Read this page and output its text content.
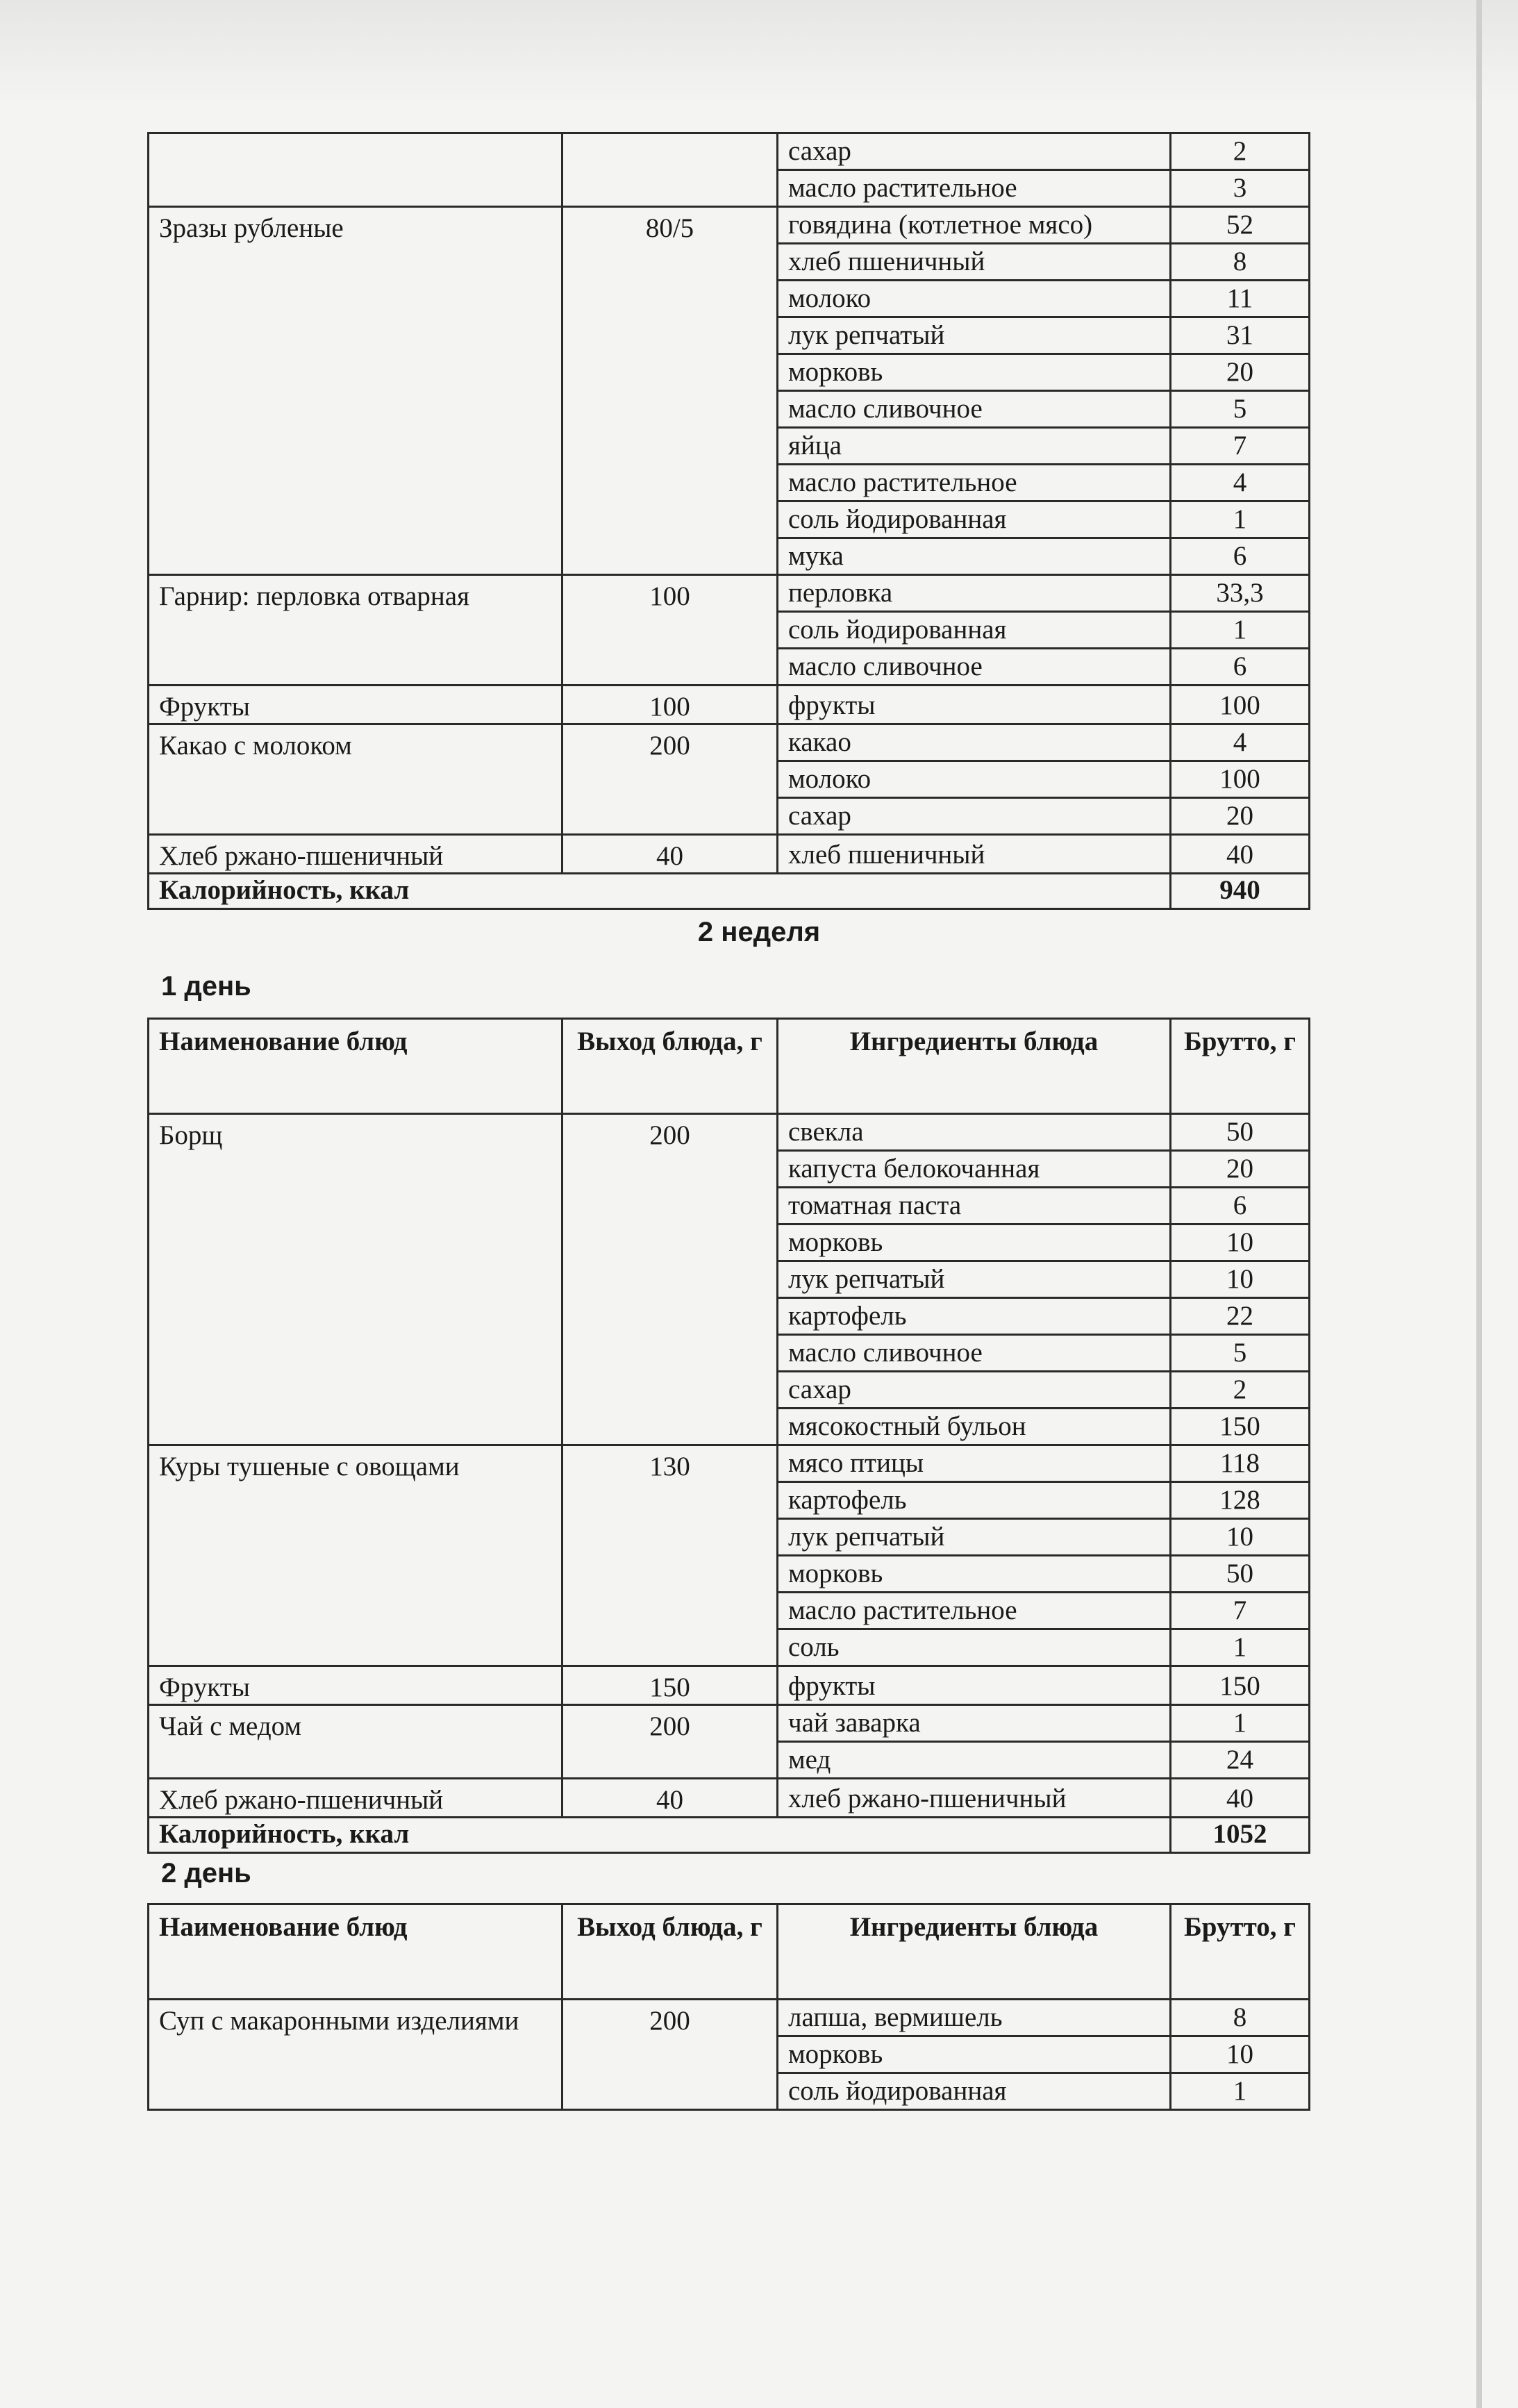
		сахар	2
		масло растительное	3
Зразы рубленые	80/5	говядина (котлетное мясо)	52
		хлеб пшеничный	8
		молоко	11
		лук репчатый	31
		морковь	20
		масло сливочное	5
		яйца	7
		масло растительное	4
		соль йодированная	1
		мука	6
Гарнир: перловка отварная	100	перловка	33,3
		соль йодированная	1
		масло сливочное	6
Фрукты	100	фрукты	100
Какао с молоком	200	какао	4
		молоко	100
		сахар	20
Хлеб ржано-пшеничный	40	хлеб пшеничный	40
Калорийность, ккал			940
2 неделя
1 день
Наименование блюд	Выход блюда, г	Ингредиенты блюда	Брутто, г
Борщ	200	свекла	50
		капуста белокочанная	20
		томатная паста	6
		морковь	10
		лук репчатый	10
		картофель	22
		масло сливочное	5
		сахар	2
		мясокостный бульон	150
Куры тушеные с овощами	130	мясо птицы	118
		картофель	128
		лук репчатый	10
		морковь	50
		масло растительное	7
		соль	1
Фрукты	150	фрукты	150
Чай с медом	200	чай заварка	1
		мед	24
Хлеб ржано-пшеничный	40	хлеб ржано-пшеничный	40
Калорийность, ккал			1052
2 день
Наименование блюд	Выход блюда, г	Ингредиенты блюда	Брутто, г
Суп с макаронными изделиями	200	лапша, вермишель	8
		морковь	10
		соль йодированная	1
